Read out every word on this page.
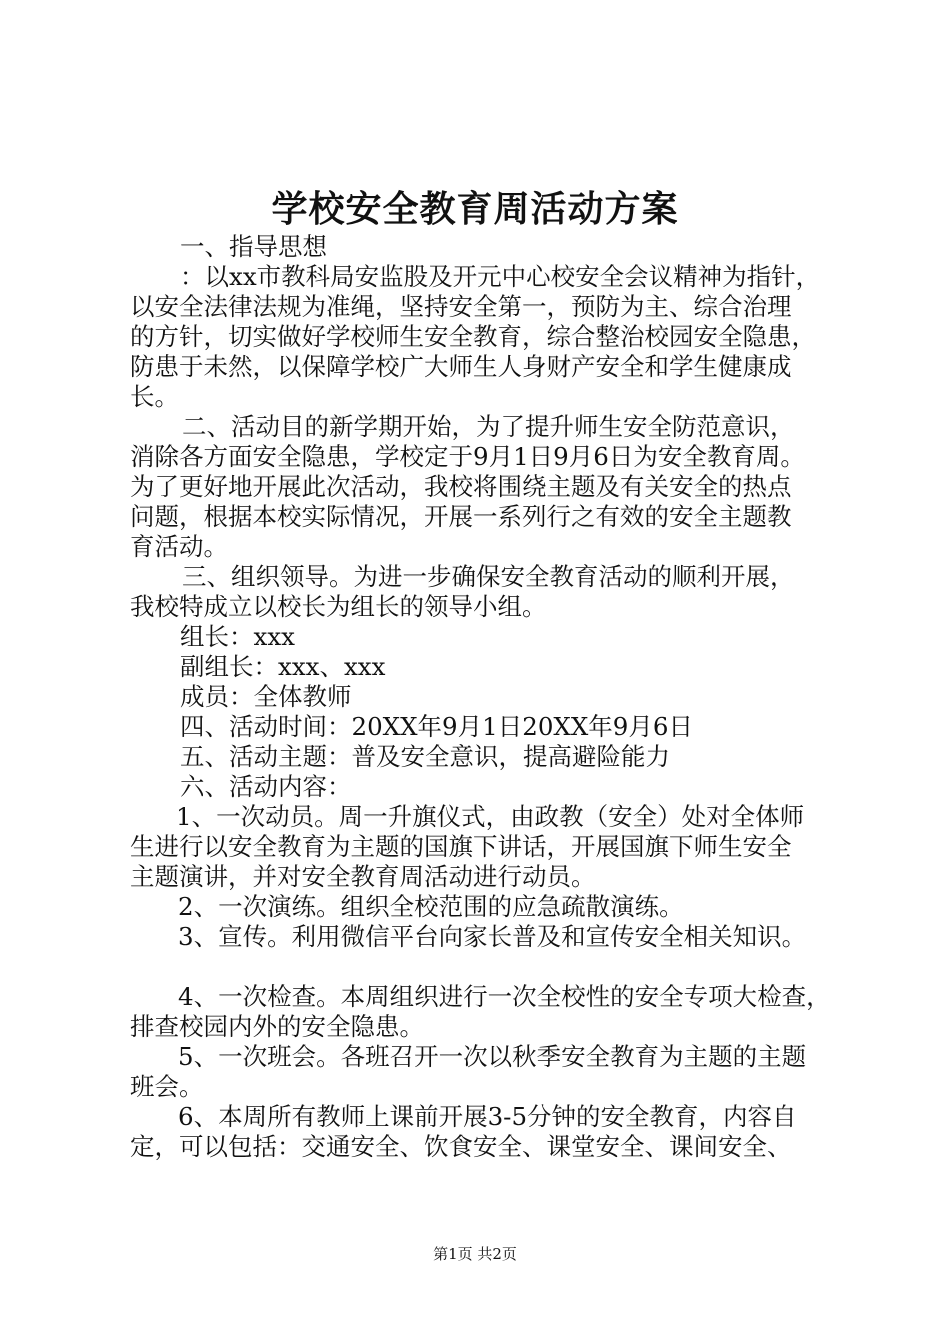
学校安全教育周活动方案

一、指导思想

：以xx市教科局安监股及开元中心校安全会议精神为指针，

以安全法律法规为准绳，坚持安全第一，预防为主、综合治理

的方针，切实做好学校师生安全教育，综合整治校园安全隐患，

防患于未然，以保障学校广大师生人身财产安全和学生健康成

长。

二、活动目的新学期开始，为了提升师生安全防范意识，

消除各方面安全隐患，学校定于9月1日9月6日为安全教育周。

为了更好地开展此次活动，我校将围绕主题及有关安全的热点

问题，根据本校实际情况，开展一系列行之有效的安全主题教

育活动。

三、组织领导。为进一步确保安全教育活动的顺利开展，

我校特成立以校长为组长的领导小组。

组长：xxx

副组长：xxx、xxx

成员：全体教师

四、活动时间：20XX年9月1日20XX年9月6日

五、活动主题：普及安全意识，提高避险能力

六、活动内容：

1、一次动员。周一升旗仪式，由政教（安全）处对全体师

生进行以安全教育为主题的国旗下讲话，开展国旗下师生安全

主题演讲，并对安全教育周活动进行动员。

2、一次演练。组织全校范围的应急疏散演练。

3、宣传。利用微信平台向家长普及和宣传安全相关知识。

4、一次检查。本周组织进行一次全校性的安全专项大检查，

排查校园内外的安全隐患。

5、一次班会。各班召开一次以秋季安全教育为主题的主题

班会。

6、本周所有教师上课前开展3-5分钟的安全教育，内容自

定，可以包括：交通安全、饮食安全、课堂安全、课间安全、

第1页 共2页
